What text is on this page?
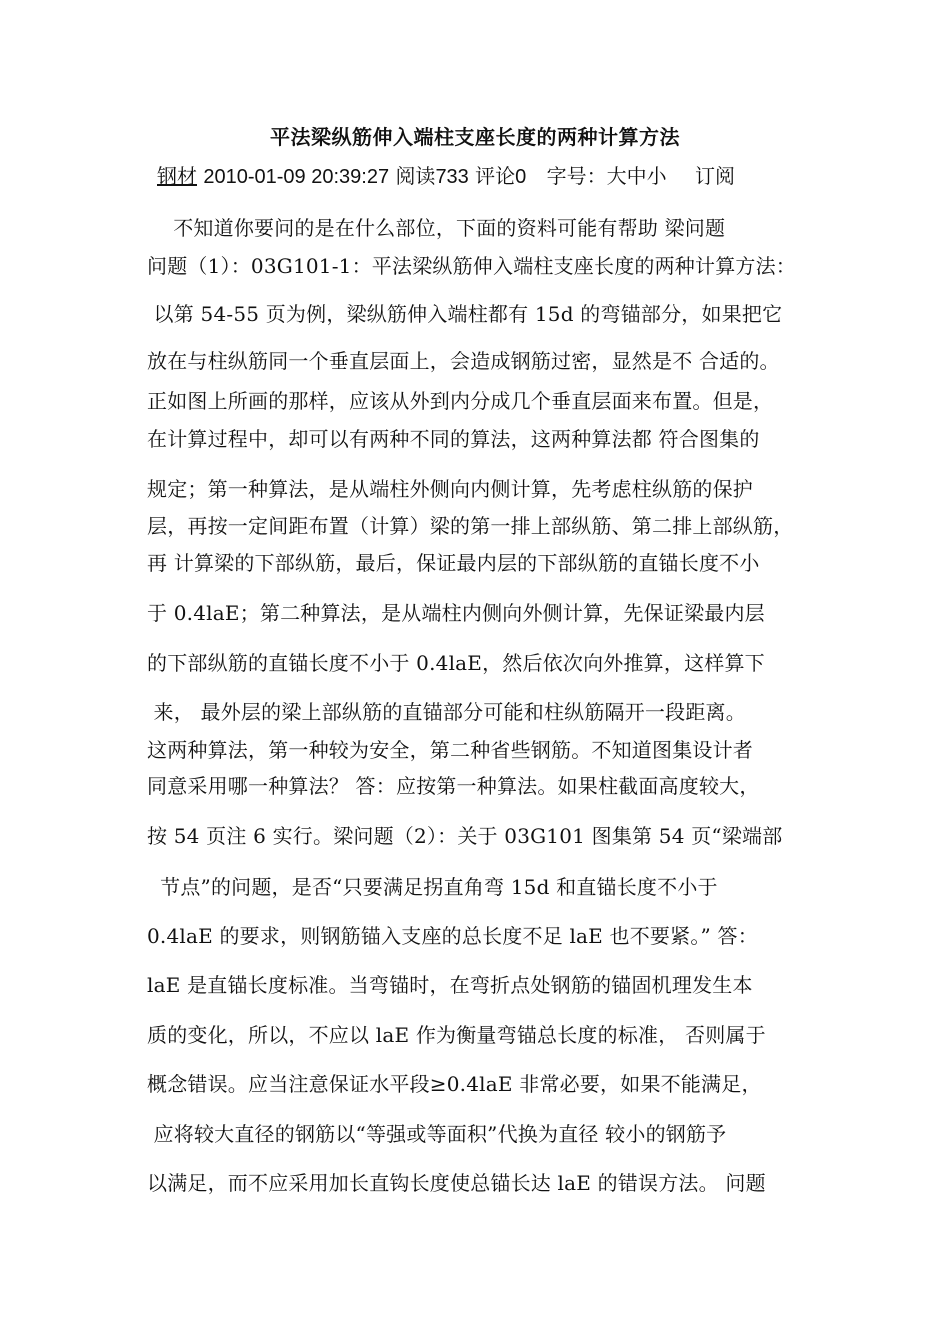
平法梁纵筋伸入端柱支座长度的两种计算方法
钢材 2010-01-09 20:39:27 阅读733 评论0 字号：大中小 订阅
不知道你要问的是在什么部位，下面的资料可能有帮助 梁问题
问题（1）：03G101-1：平法梁纵筋伸入端柱支座长度的两种计算方法：
以第 54-55 页为例，梁纵筋伸入端柱都有 15d 的弯锚部分，如果把它
放在与柱纵筋同一个垂直层面上，会造成钢筋过密，显然是不 合适的。
正如图上所画的那样，应该从外到内分成几个垂直层面来布置。但是，
在计算过程中，却可以有两种不同的算法，这两种算法都 符合图集的
规定；第一种算法，是从端柱外侧向内侧计算，先考虑柱纵筋的保护
层，再按一定间距布置（计算）梁的第一排上部纵筋、第二排上部纵筋，
再 计算梁的下部纵筋，最后，保证最内层的下部纵筋的直锚长度不小
于 0.4laE；第二种算法，是从端柱内侧向外侧计算，先保证梁最内层
的下部纵筋的直锚长度不小于 0.4laE，然后依次向外推算，这样算下
来， 最外层的梁上部纵筋的直锚部分可能和柱纵筋隔开一段距离。
这两种算法，第一种较为安全，第二种省些钢筋。不知道图集设计者
同意采用哪一种算法？ 答：应按第一种算法。如果柱截面高度较大，
按 54 页注 6 实行。梁问题（2）：关于 03G101 图集第 54 页“梁端部
节点”的问题，是否“只要满足拐直角弯 15d 和直锚长度不小于
0.4laE 的要求，则钢筋锚入支座的总长度不足 laE 也不要紧。” 答：
laE 是直锚长度标准。当弯锚时，在弯折点处钢筋的锚固机理发生本
质的变化，所以，不应以 laE 作为衡量弯锚总长度的标准， 否则属于
概念错误。应当注意保证水平段≥0.4laE 非常必要，如果不能满足，
应将较大直径的钢筋以“等强或等面积”代换为直径 较小的钢筋予
以满足，而不应采用加长直钩长度使总锚长达 laE 的错误方法。 问题
